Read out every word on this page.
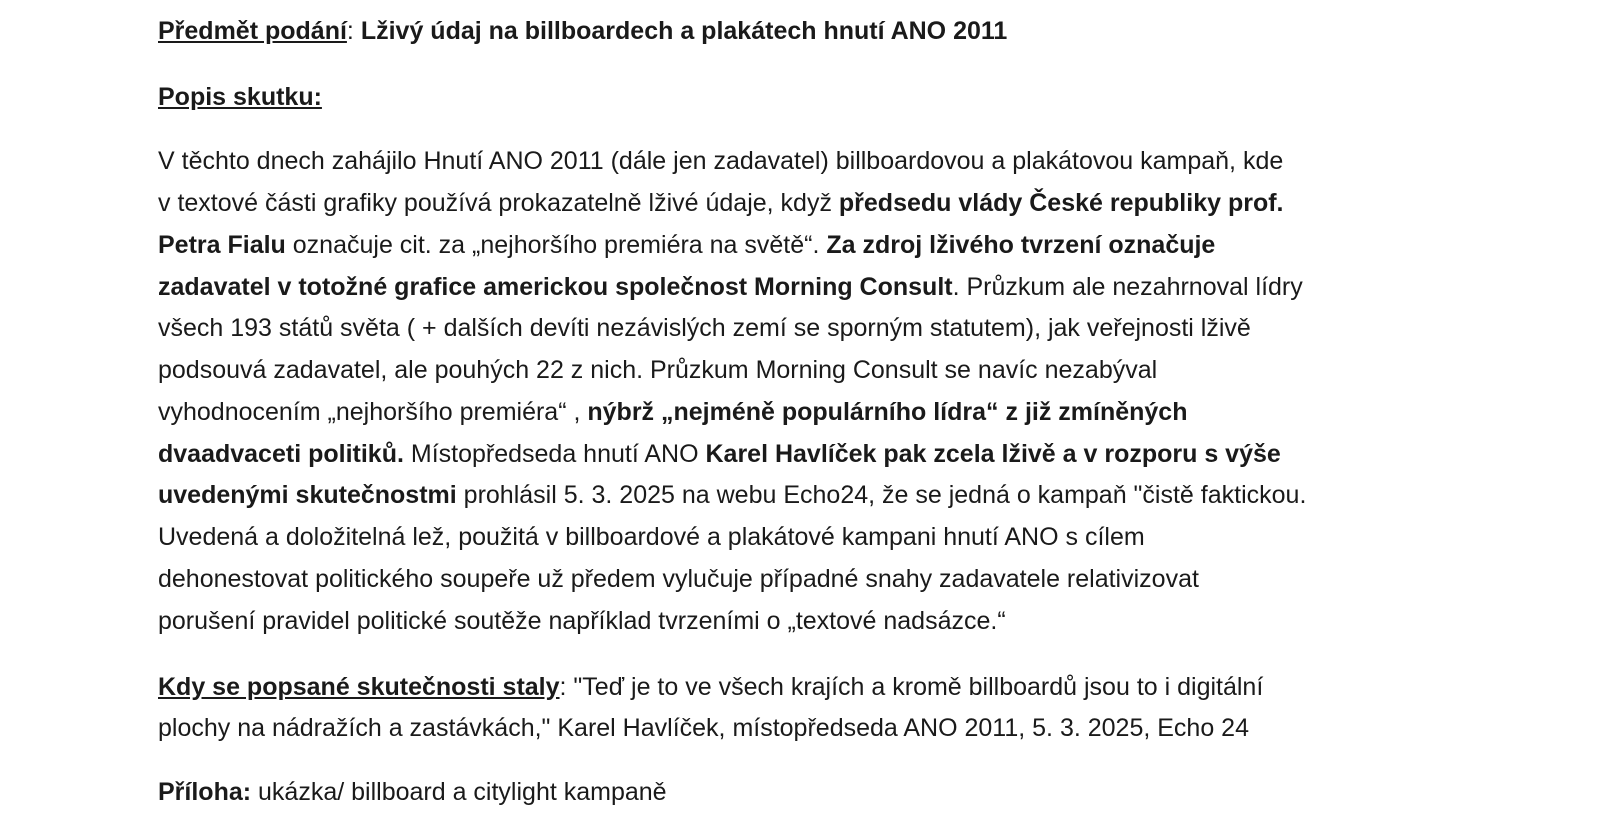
Předmět podání: Lživý údaj na billboardech a plakátech hnutí ANO 2011
Popis skutku:
V těchto dnech zahájilo Hnutí ANO 2011 (dále jen zadavatel) billboardovou a plakátovou kampaň, kde
v textové části grafiky používá prokazatelně lživé údaje, když předsedu vlády České republiky prof.
Petra Fialu označuje cit. za „nejhoršího premiéra na světě“. Za zdroj lživého tvrzení označuje
zadavatel v totožné grafice americkou společnost Morning Consult. Průzkum ale nezahrnoval lídry
všech 193 států světa ( + dalších devíti nezávislých zemí se sporným statutem), jak veřejnosti lživě
podsouvá zadavatel, ale pouhých 22 z nich. Průzkum Morning Consult se navíc nezabýval
vyhodnocením „nejhoršího premiéra“ , nýbrž „nejméně populárního lídra“ z již zmíněných
dvaadvaceti politiků. Místopředseda hnutí ANO Karel Havlíček pak zcela lživě a v rozporu s výše
uvedenými skutečnostmi prohlásil 5. 3. 2025 na webu Echo24, že se jedná o kampaň "čistě faktickou.
Uvedená a doložitelná lež, použitá v billboardové a plakátové kampani hnutí ANO s cílem
dehonestovat politického soupeře už předem vylučuje případné snahy zadavatele relativizovat
porušení pravidel politické soutěže například tvrzeními o „textové nadsázce.“
Kdy se popsané skutečnosti staly: "Teď je to ve všech krajích a kromě billboardů jsou to i digitální
plochy na nádražích a zastávkách," Karel Havlíček, místopředseda ANO 2011, 5. 3. 2025, Echo 24
Příloha: ukázka/ billboard a citylight kampaně
